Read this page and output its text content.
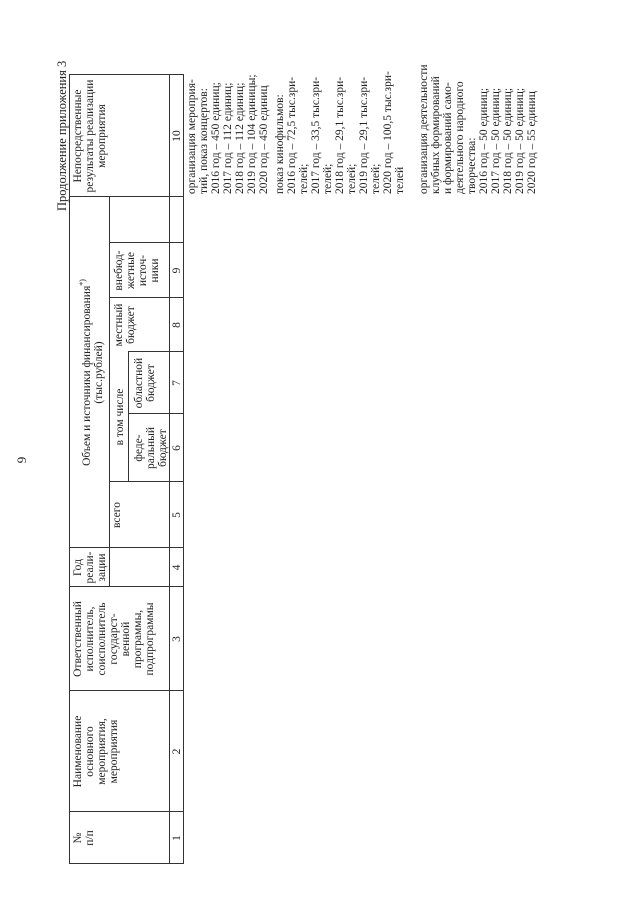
9
Продолжение приложения 3
№ п/п
Наименование основного мероприятия, мероприятия
Ответственный исполнитель, соисполнитель государст- венной программы, подпрограммы
Год реали- зации
Объем и источники финансирования*)
(тыс.рублей)
всего
в том числе
феде- ральный бюджет
областной бюджет
местный бюджет
внебюд- жетные источ- ники
Непосредственные результаты реализации мероприятия
1
2
3
4
5
6
7
8
9
10 организация мероприя- тий, показ концертов: 2016 год – 450 единиц; 2017 год – 112 единиц; 2018 год – 112 единиц; 2019 год – 104 единицы; 2020 год – 450 единиц показ кинофильмов: 2016 год – 72,5 тыс.зри- телей; 2017 год – 33,5 тыс.зри- телей; 2018 год – 29,1 тыс.зри- телей; 2019 год – 29,1 тыс.зри- телей; 2020 год – 100,5 тыс.зри- телей организация деятельности клубных формирований и формирований само- деятельного народного творчества: 2016 год – 50 единиц; 2017 год – 50 единиц; 2018 год – 50 единиц; 2019 год – 50 единиц; 2020 год – 55 единиц
